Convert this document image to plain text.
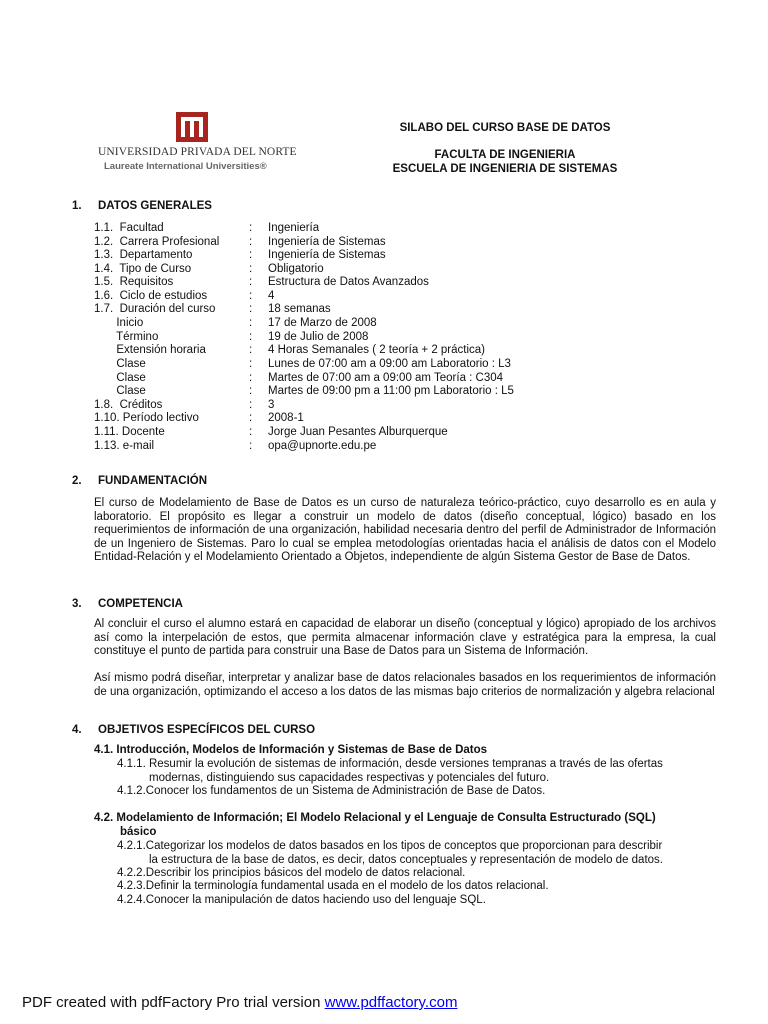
UNIVERSIDAD PRIVADA DEL NORTE
Laureate International Universities®
SILABO DEL CURSO BASE DE DATOS
FACULTA DE INGENIERIA
ESCUELA DE INGENIERIA DE SISTEMAS
1. DATOS GENERALES
1.1.  Facultad	: Ingeniería
1.2.  Carrera Profesional	: Ingeniería de Sistemas
1.3.  Departamento	: Ingeniería de Sistemas
1.4.  Tipo de Curso	: Obligatorio
1.5.  Requisitos	: Estructura de Datos Avanzados
1.6.  Ciclo de estudios	: 4
1.7.  Duración del curso	: 18 semanas
Inicio	: 17 de Marzo de 2008
Término	: 19 de Julio de 2008
Extensión horaria	: 4 Horas Semanales ( 2 teoría + 2 práctica)
Clase	: Lunes de 07:00 am a 09:00 am Laboratorio : L3
Clase	: Martes de 07:00 am a 09:00 am Teoría : C304
Clase	: Martes de 09:00 pm a 11:00 pm Laboratorio : L5
1.8.  Créditos	: 3
1.10. Período lectivo	: 2008-1
1.11. Docente	: Jorge Juan Pesantes Alburquerque
1.13. e-mail	: opa@upnorte.edu.pe
2. FUNDAMENTACIÓN
El curso de Modelamiento de Base de Datos es un curso de naturaleza teórico-práctico, cuyo desarrollo es en aula y laboratorio. El propósito es llegar a construir un modelo de datos (diseño conceptual, lógico) basado en los requerimientos de información de una organización, habilidad necesaria dentro del perfil de Administrador de Información de un Ingeniero de Sistemas. Paro lo cual se emplea metodologías orientadas hacia el análisis de datos con el Modelo Entidad-Relación y el Modelamiento Orientado a Objetos, independiente de algún Sistema Gestor de Base de Datos.
3. COMPETENCIA
Al concluir el curso el alumno estará en capacidad de elaborar un diseño (conceptual y lógico) apropiado de los archivos así como la interpelación de estos, que permita almacenar información clave y estratégica para la empresa, la cual constituye el punto de partida para construir una Base de Datos para un Sistema de Información.
Así mismo podrá diseñar, interpretar y analizar base de datos relacionales basados en los requerimientos de información de una organización, optimizando el acceso a los datos de las mismas bajo criterios de normalización y algebra relacional
4. OBJETIVOS ESPECÍFICOS DEL CURSO
4.1. Introducción, Modelos de Información y Sistemas de Base de Datos
4.1.1. Resumir la evolución de sistemas de información, desde versiones tempranas a través de las ofertas
modernas, distinguiendo sus capacidades respectivas y potenciales del futuro.
4.1.2.Conocer los fundamentos de un Sistema de Administración de Base de Datos.
4.2. Modelamiento de Información; El Modelo Relacional y el Lenguaje de Consulta Estructurado (SQL)
básico
4.2.1.Categorizar los modelos de datos basados en los tipos de conceptos que proporcionan para describir
la estructura de la base de datos, es decir, datos conceptuales y representación de modelo de datos.
4.2.2.Describir los principios básicos del modelo de datos relacional.
4.2.3.Definir la terminología fundamental usada en el modelo de los datos relacional.
4.2.4.Conocer la manipulación de datos haciendo uso del lenguaje SQL.
PDF created with pdfFactory Pro trial version www.pdffactory.com
